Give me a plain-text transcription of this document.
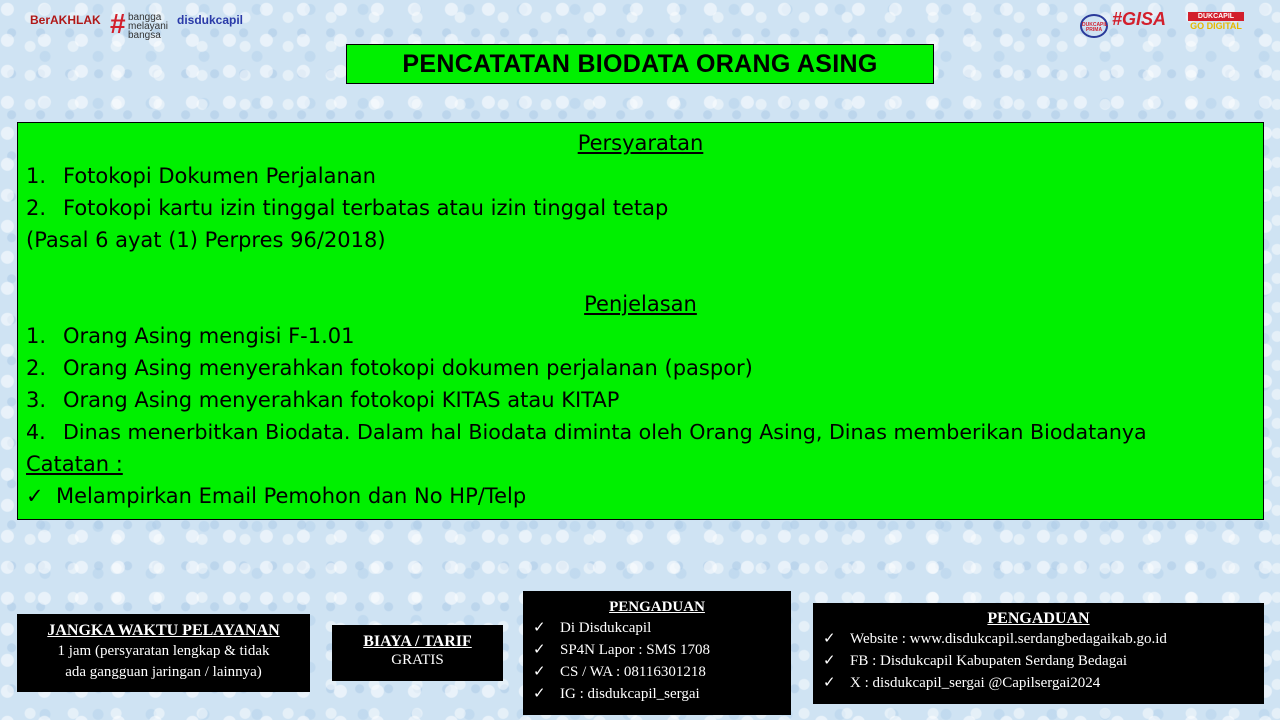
BerAKHLAK
# bangga melayani bangsa
disdukcapil	DUKCAPIL PRIMA
#GISA	DUKCAPIL
GO DIGITAL
PENCATATAN BIODATA ORANG ASING
Persyaratan
1. Fotokopi Dokumen Perjalanan
2. Fotokopi kartu izin tinggal terbatas atau izin tinggal tetap
(Pasal 6 ayat (1) Perpres 96/2018)
Penjelasan
1. Orang Asing mengisi F-1.01
2. Orang Asing menyerahkan fotokopi dokumen perjalanan (paspor)
3. Orang Asing menyerahkan fotokopi KITAS atau KITAP
4. Dinas menerbitkan Biodata. Dalam hal Biodata diminta oleh Orang Asing, Dinas memberikan Biodatanya
Catatan :
✓ Melampirkan Email Pemohon dan No HP/Telp
JANGKA WAKTU PELAYANAN
1 jam (persyaratan lengkap & tidak
ada gangguan jaringan / lainnya)
BIAYA / TARIF
GRATIS
PENGADUAN
✓ Di Disdukcapil
✓ SP4N Lapor : SMS 1708
✓ CS / WA : 08116301218
✓ IG : disdukcapil_sergai
PENGADUAN
✓ Website : www.disdukcapil.serdangbedagaikab.go.id
✓ FB : Disdukcapil Kabupaten Serdang Bedagai
✓ X : disdukcapil_sergai @Capilsergai2024
